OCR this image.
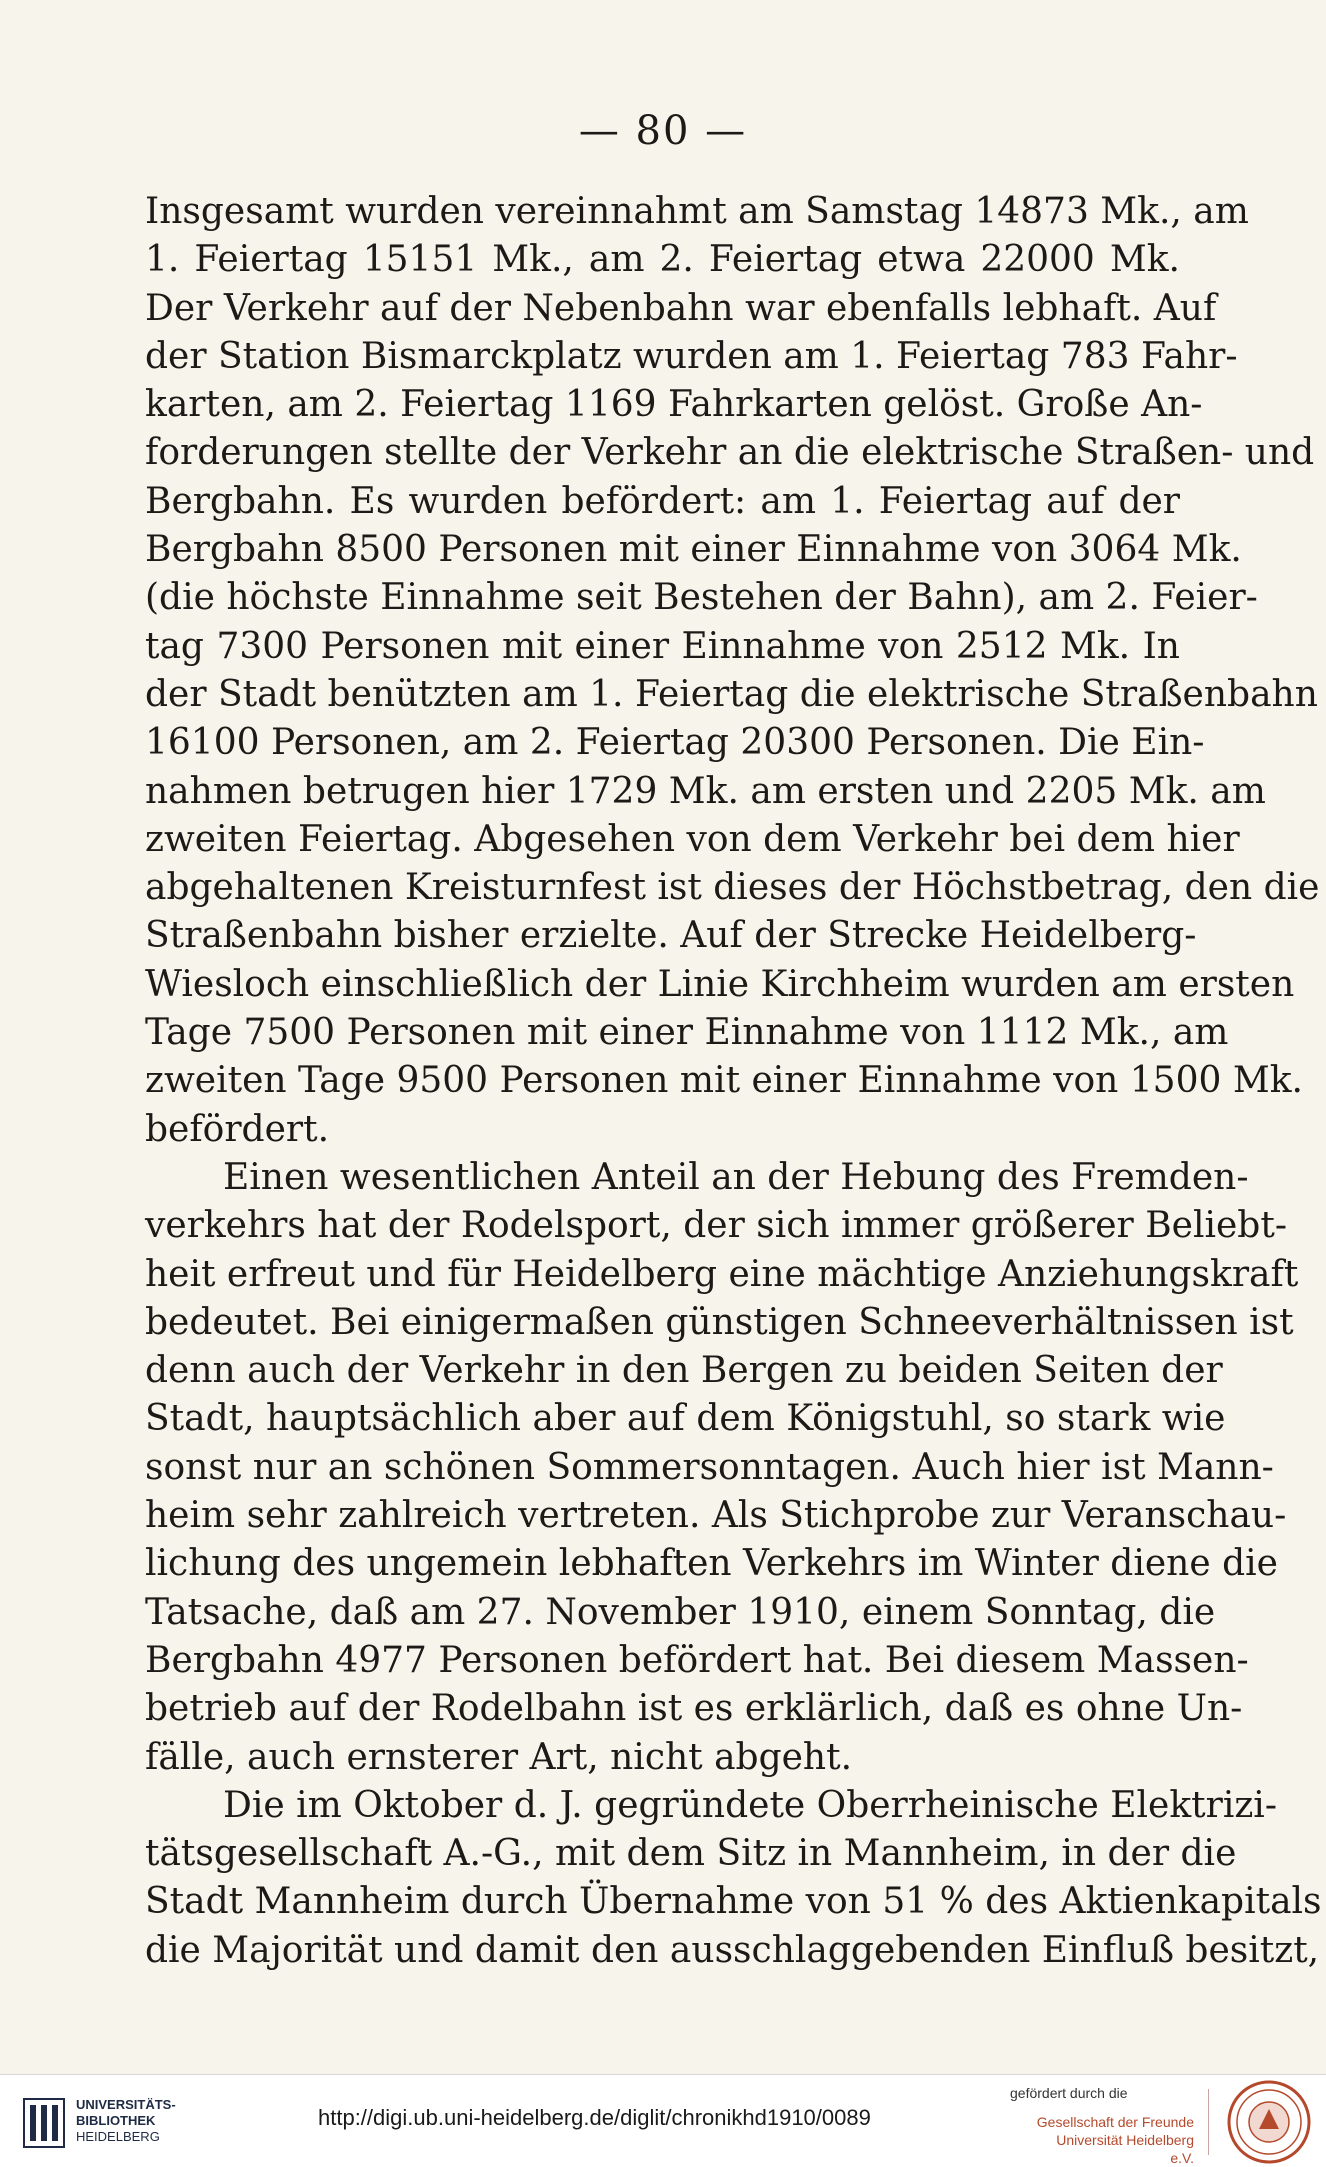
— 80 —
Insgesamt wurden vereinnahmt am Samstag 14873 Mk., am
1. Feiertag 15151 Mk., am 2. Feiertag etwa 22000 Mk.
Der Verkehr auf der Nebenbahn war ebenfalls lebhaft. Auf
der Station Bismarckplatz wurden am 1. Feiertag 783 Fahr-
karten, am 2. Feiertag 1169 Fahrkarten gelöst. Große An-
forderungen stellte der Verkehr an die elektrische Straßen- und
Bergbahn. Es wurden befördert: am 1. Feiertag auf der
Bergbahn 8500 Personen mit einer Einnahme von 3064 Mk.
(die höchste Einnahme seit Bestehen der Bahn), am 2. Feier-
tag 7300 Personen mit einer Einnahme von 2512 Mk. In
der Stadt benützten am 1. Feiertag die elektrische Straßenbahn
16100 Personen, am 2. Feiertag 20300 Personen. Die Ein-
nahmen betrugen hier 1729 Mk. am ersten und 2205 Mk. am
zweiten Feiertag. Abgesehen von dem Verkehr bei dem hier
abgehaltenen Kreisturnfest ist dieses der Höchstbetrag, den die
Straßenbahn bisher erzielte. Auf der Strecke Heidelberg-
Wiesloch einschließlich der Linie Kirchheim wurden am ersten
Tage 7500 Personen mit einer Einnahme von 1112 Mk., am
zweiten Tage 9500 Personen mit einer Einnahme von 1500 Mk.
befördert.
Einen wesentlichen Anteil an der Hebung des Fremden-
verkehrs hat der Rodelsport, der sich immer größerer Beliebt-
heit erfreut und für Heidelberg eine mächtige Anziehungskraft
bedeutet. Bei einigermaßen günstigen Schneeverhältnissen ist
denn auch der Verkehr in den Bergen zu beiden Seiten der
Stadt, hauptsächlich aber auf dem Königstuhl, so stark wie
sonst nur an schönen Sommersonntagen. Auch hier ist Mann-
heim sehr zahlreich vertreten. Als Stichprobe zur Veranschau-
lichung des ungemein lebhaften Verkehrs im Winter diene die
Tatsache, daß am 27. November 1910, einem Sonntag, die
Bergbahn 4977 Personen befördert hat. Bei diesem Massen-
betrieb auf der Rodelbahn ist es erklärlich, daß es ohne Un-
fälle, auch ernsterer Art, nicht abgeht.
Die im Oktober d. J. gegründete Oberrheinische Elektrizi-
tätsgesellschaft A.-G., mit dem Sitz in Mannheim, in der die
Stadt Mannheim durch Übernahme von 51 % des Aktienkapitals
die Majorität und damit den ausschlaggebenden Einfluß besitzt,
UNIVERSITÄTS-
BIBLIOTHEK
HEIDELBERG
http://digi.ub.uni-heidelberg.de/diglit/chronikhd1910/0089
gefördert durch die
Gesellschaft der Freunde
Universität Heidelberg e.V.
